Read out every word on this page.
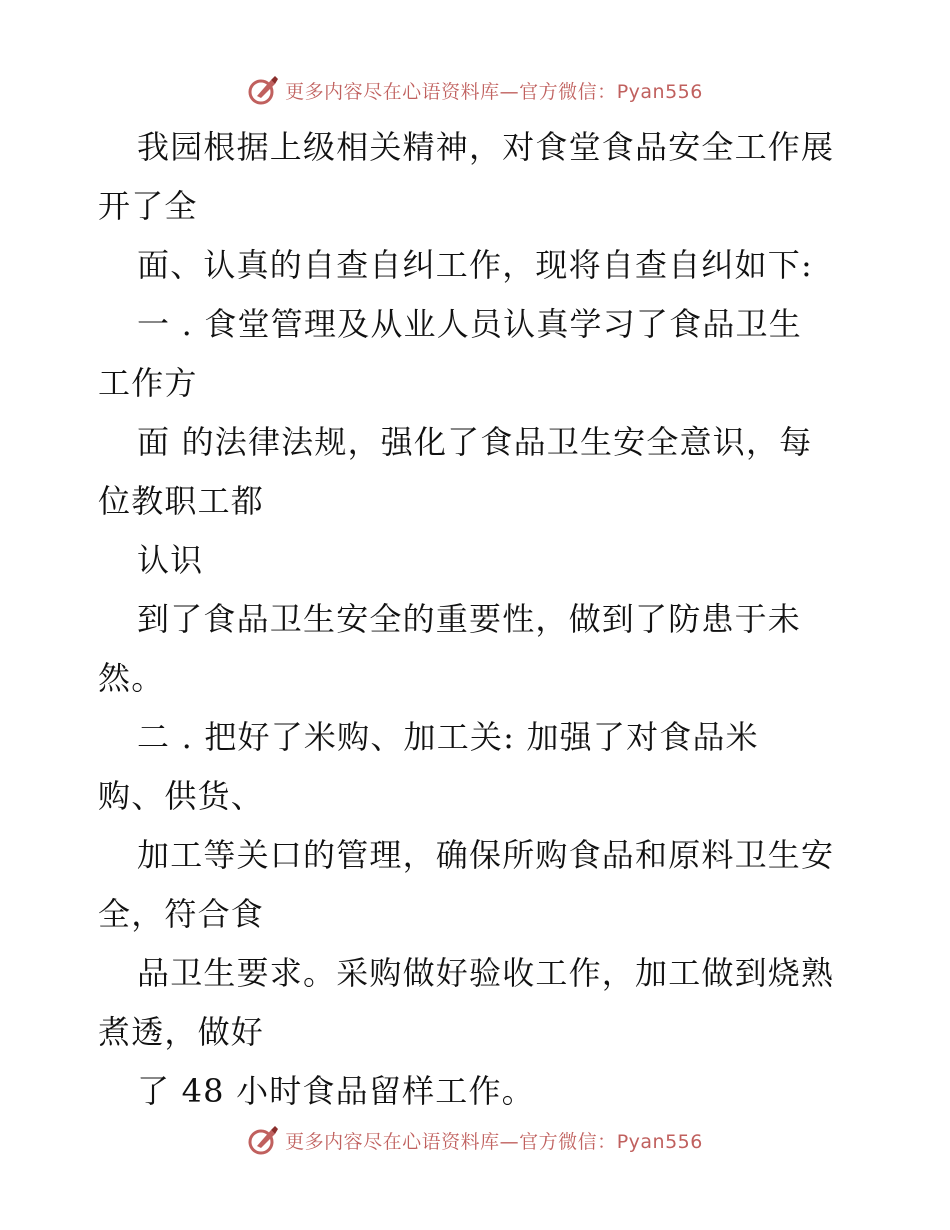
更多内容尽在心语资料库—官方微信：Pyan556
我园根据上级相关精神，对食堂食品安全工作展
开了全
面、认真的自查自纠工作，现将自查自纠如下:
一 . 食堂管理及从业人员认真学习了食品卫生
工作方
面 的法律法规，强化了食品卫生安全意识，每
位教职工都
认识
到了食品卫生安全的重要性，做到了防患于未
然。
二 . 把好了米购、加工关: 加强了对食品米
购、供货、
加工等关口的管理，确保所购食品和原料卫生安
全，符合食
品卫生要求。采购做好验收工作，加工做到烧熟
煮透，做好
了 48 小时食品留样工作。
更多内容尽在心语资料库—官方微信：Pyan556
